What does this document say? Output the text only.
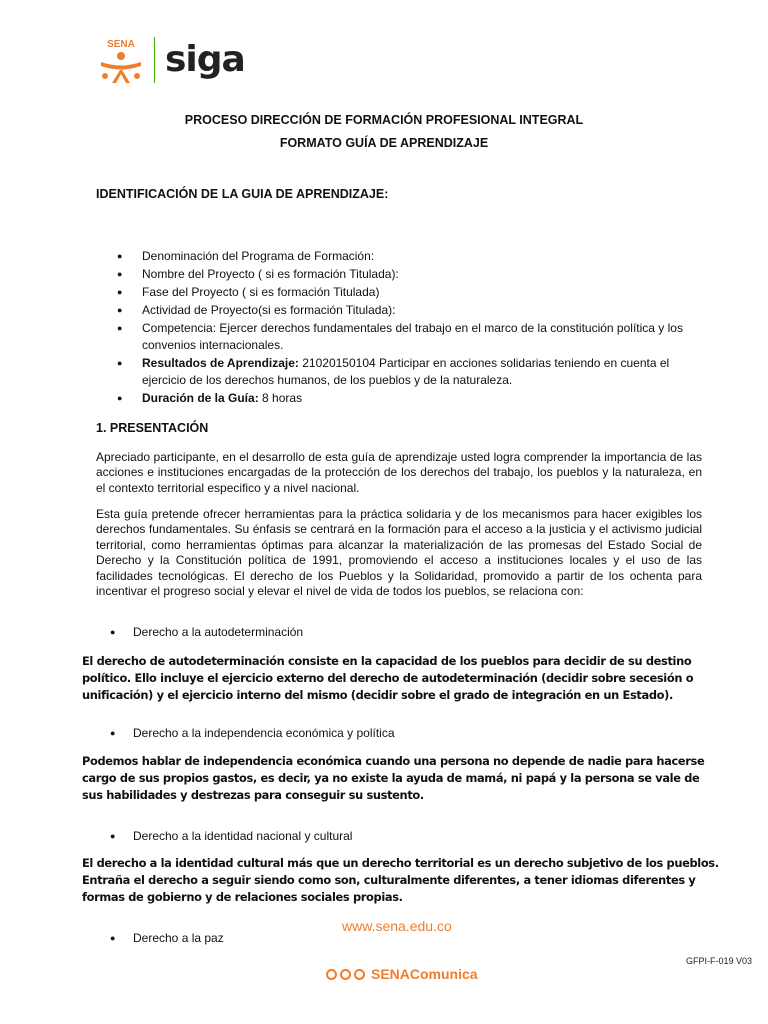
SENA siga
PROCESO DIRECCIÓN DE FORMACIÓN PROFESIONAL INTEGRAL
FORMATO GUÍA DE APRENDIZAJE
IDENTIFICACIÓN DE LA GUIA DE APRENDIZAJE:
● Denominación del Programa de Formación:
● Nombre del Proyecto ( si es formación Titulada):
● Fase del Proyecto ( si es formación Titulada)
● Actividad de Proyecto(si es formación Titulada):
● Competencia: Ejercer derechos fundamentales del trabajo en el marco de la constitución política y los convenios internacionales.
● Resultados de Aprendizaje: 21020150104 Participar en acciones solidarias teniendo en cuenta el ejercicio de los derechos humanos, de los pueblos y de la naturaleza.
● Duración de la Guía: 8 horas
1. PRESENTACIÓN

Apreciado participante, en el desarrollo de esta guía de aprendizaje usted logra comprender la importancia de las acciones e instituciones encargadas de la protección de los derechos del trabajo, los pueblos y la naturaleza, en el contexto territorial especifico y a nivel nacional.

Esta guía pretende ofrecer herramientas para la práctica solidaria y de los mecanismos para hacer exigibles los derechos fundamentales. Su énfasis se centrará en la formación para el acceso a la justicia y el activismo judicial territorial, como herramientas óptimas para alcanzar la materialización de las promesas del Estado Social de Derecho y la Constitución política de 1991, promoviendo el acceso a instituciones locales y el uso de las facilidades tecnológicas. El derecho de los Pueblos y la Solidaridad, promovido a partir de los ochenta para incentivar el progreso social y elevar el nivel de vida de todos los pueblos, se relaciona con:

● Derecho a la autodeterminación

El derecho de autodeterminación consiste en la capacidad de los pueblos para decidir de su destino político. Ello incluye el ejercicio externo del derecho de autodeterminación (decidir sobre secesión o unificación) y el ejercicio interno del mismo (decidir sobre el grado de integración en un Estado).

● Derecho a la independencia económica y política

Podemos hablar de independencia económica cuando una persona no depende de nadie para hacerse cargo de sus propios gastos, es decir, ya no existe la ayuda de mamá, ni papá y la persona se vale de sus habilidades y destrezas para conseguir su sustento.

● Derecho a la identidad nacional y cultural

El derecho a la identidad cultural más que un derecho territorial es un derecho subjetivo de los pueblos. Entraña el derecho a seguir siendo como son, culturalmente diferentes, a tener idiomas diferentes y formas de gobierno y de relaciones sociales propias.

● Derecho a la paz
www.sena.edu.co
SENAComunica
GFPI-F-019 V03
